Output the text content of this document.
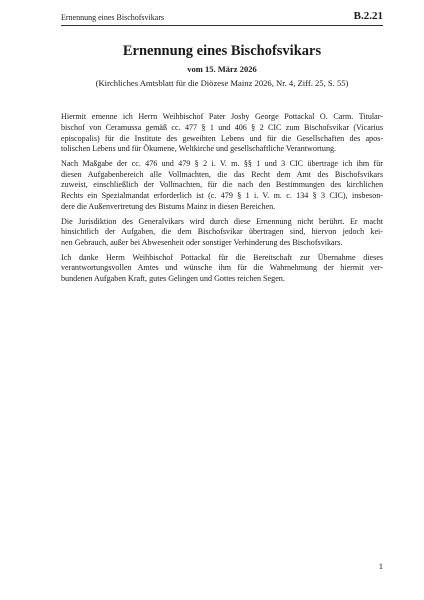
Ernennung eines Bischofsvikars	B.2.21
Ernennung eines Bischofsvikars
vom 15. März 2026
(Kirchliches Amtsblatt für die Diözese Mainz 2026, Nr. 4, Ziff. 25, S. 55)
Hiermit ernenne ich Herrn Weihbischof Pater Josby George Pottackal O. Carm. Titular-
bischof von Ceramussa gemäß cc. 477 § 1 und 406 § 2 CIC zum Bischofsvikar (Vicarius
episcopalis) für die Institute des geweihten Lebens und für die Gesellschaften des apos-
tolischen Lebens und für Ökumene, Weltkirche und gesellschaftliche Verantwortung.
Nach Maßgabe der cc. 476 und 479 § 2 i. V. m. §§ 1 und 3 CIC übertrage ich ihm für
diesen Aufgabenbereich alle Vollmachten, die das Recht dem Amt des Bischofsvikars
zuweist, einschließlich der Vollmachten, für die nach den Bestimmungen des kirchlichen
Rechts ein Spezialmandat erforderlich ist (c. 479 § 1 i. V. m. c. 134 § 3 CIC), insbeson-
dere die Außenvertretung des Bistums Mainz in diesen Bereichen.
Die Jurisdiktion des Generalvikars wird durch diese Ernennung nicht berührt. Er macht
hinsichtlich der Aufgaben, die dem Bischofsvikar übertragen sind, hiervon jedoch kei-
nen Gebrauch, außer bei Abwesenheit oder sonstiger Verhinderung des Bischofsvikars.
Ich danke Herrn Weihbischof Pottackal für die Bereitschaft zur Übernahme dieses
verantwortungsvollen Amtes und wünsche ihm für die Wahrnehmung der hiermit ver-
bundenen Aufgaben Kraft, gutes Gelingen und Gottes reichen Segen.
1
